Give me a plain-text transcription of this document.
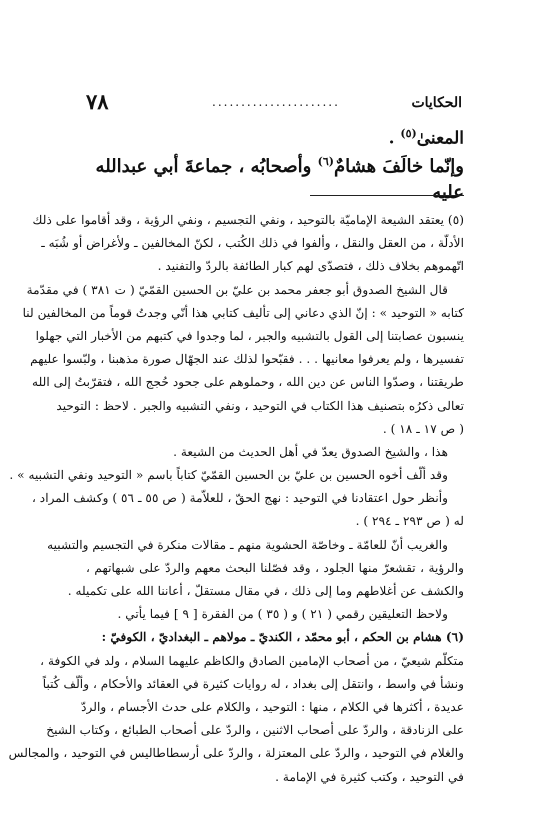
٧٨	......................	الحكايات
المعنىٰ$^{(٥)}$ .
وإنّما خالَفَ هشامٌ$^{(٦)}$ وأصحابُه ، جماعةَ أبي عبدالله عليه
(٥) يعتقد الشيعة الإماميّة بالتوحيد ، ونفي التجسيم ، ونفي الرؤية ، وقد أقاموا على ذلك
الأدلّة ، من العقل والنقل ، وألفوا في ذلك الكُتب ، لكنّ المخالفين ـ ولأغراض أو شُبَه ـ
اتّهموهم بخلاف ذلك ، فتصدّى لهم كبار الطائفة بالردّ والتفنيد .
قال الشيخ الصدوق أبو جعفر محمد بن عليّ بن الحسين القمّيّ ( ت ٣٨١ ) في مقدّمة
كتابه « التوحيد » : إنّ الذي دعاني إلى تأليف كتابي هذا أنّي وجدتُ قوماً من المخالفين لنا
ينسبون عصابتنا إلى القول بالتشبيه والجبر ، لما وجدوا في كتبهم من الأخبار التي جهلوا
تفسيرها ، ولم يعرفوا معانيها . . . فقبّحوا لذلك عند الجهّال صورة مذهبنا ، ولبّسوا عليهم
طريقتنا ، وصدّوا الناس عن دين الله ، وحملوهم على جحود حُجج الله ، فتقرّبتُ إلى الله
تعالى ذكرُه بتصنيف هذا الكتاب في التوحيد ، ونفي التشبيه والجبر . لاحظ : التوحيد
( ص ١٧ ـ ١٨ ) .
هذا ، والشيخ الصدوق يعدّ في أهل الحديث من الشيعة .
وقد ألّف أخوه الحسين بن عليّ بن الحسين القمّيّ كتاباً باسم « التوحيد ونفي التشبيه » .
وأنظر حول اعتقادنا في التوحيد : نهج الحقّ ، للعلاّمة ( ص ٥٥ ـ ٥٦ ) وكشف المراد ،
له ( ص ٢٩٣ ـ ٢٩٤ ) .
والغريب أنّ للعامّة ـ وخاصّة الحشوية منهم ـ مقالات منكرة في التجسيم والتشبيه
والرؤية ، تقشعرّ منها الجلود ، وقد فصّلنا البحث معهم والردّ على شبهاتهم ،
والكشف عن أغلاطهم وما إلى ذلك ، في مقال مستقلّ ، أعاننا الله على تكميله .
ولاحظ التعليقين رقمي ( ٢١ ) و ( ٣٥ ) من الفقرة [ ٩ ] فيما يأتي .
(٦) هشام بن الحكم ، أبو محمّد ، الكنديّ ـ مولاهم ـ البغداديّ ، الكوفيّ :
متكلّم شيعيّ ، من أصحاب الإمامين الصادق والكاظم عليهما السلام ، ولد في الكوفة ،
ونشأ في واسط ، وانتقل إلى بغداد ، له روايات كثيرة في العقائد والأحكام ، وألّف كُتباً
عديدة ، أكثرها في الكلام ، منها : التوحيد ، والكلام على حدث الأجسام ، والردّ
على الزنادقة ، والردّ على أصحاب الاثنين ، والردّ على أصحاب الطبائع ، وكتاب الشيخ
والغلام في التوحيد ، والردّ على المعتزلة ، والردّ على أرسطاطاليس في التوحيد ، والمجالس
في التوحيد ، وكتب كثيرة في الإمامة .
